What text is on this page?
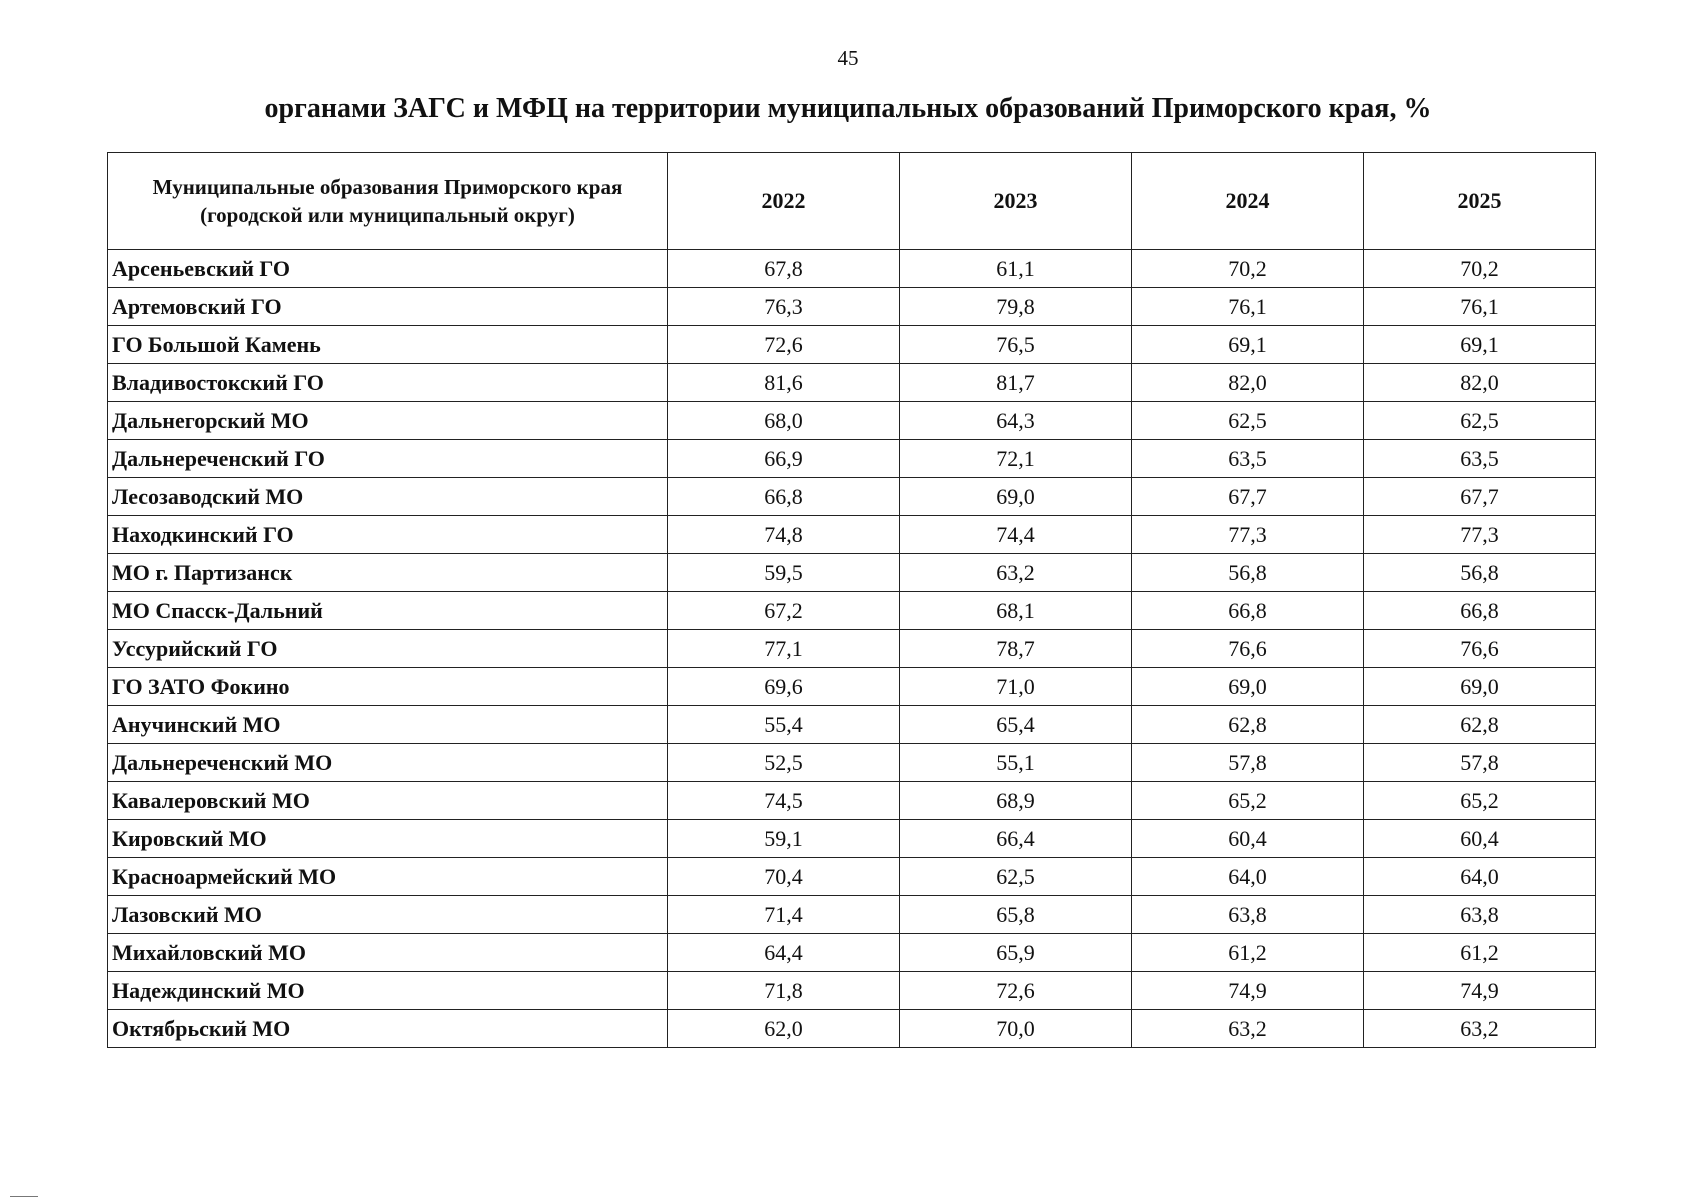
45
органами ЗАГС и МФЦ на территории муниципальных образований Приморского края, %
Муниципальные образования Приморского края
(городской или муниципальный округ)	2022	2023	2024	2025
Арсеньевский ГО	67,8	61,1	70,2	70,2
Артемовский ГО	76,3	79,8	76,1	76,1
ГО Большой Камень	72,6	76,5	69,1	69,1
Владивостокский ГО	81,6	81,7	82,0	82,0
Дальнегорский МО	68,0	64,3	62,5	62,5
Дальнереченский ГО	66,9	72,1	63,5	63,5
Лесозаводский МО	66,8	69,0	67,7	67,7
Находкинский ГО	74,8	74,4	77,3	77,3
МО г. Партизанск	59,5	63,2	56,8	56,8
МО Спасск-Дальний	67,2	68,1	66,8	66,8
Уссурийский ГО	77,1	78,7	76,6	76,6
ГО ЗАТО Фокино	69,6	71,0	69,0	69,0
Анучинский МО	55,4	65,4	62,8	62,8
Дальнереченский МО	52,5	55,1	57,8	57,8
Кавалеровский МО	74,5	68,9	65,2	65,2
Кировский МО	59,1	66,4	60,4	60,4
Красноармейский МО	70,4	62,5	64,0	64,0
Лазовский МО	71,4	65,8	63,8	63,8
Михайловский МО	64,4	65,9	61,2	61,2
Надеждинский МО	71,8	72,6	74,9	74,9
Октябрьский МО	62,0	70,0	63,2	63,2
